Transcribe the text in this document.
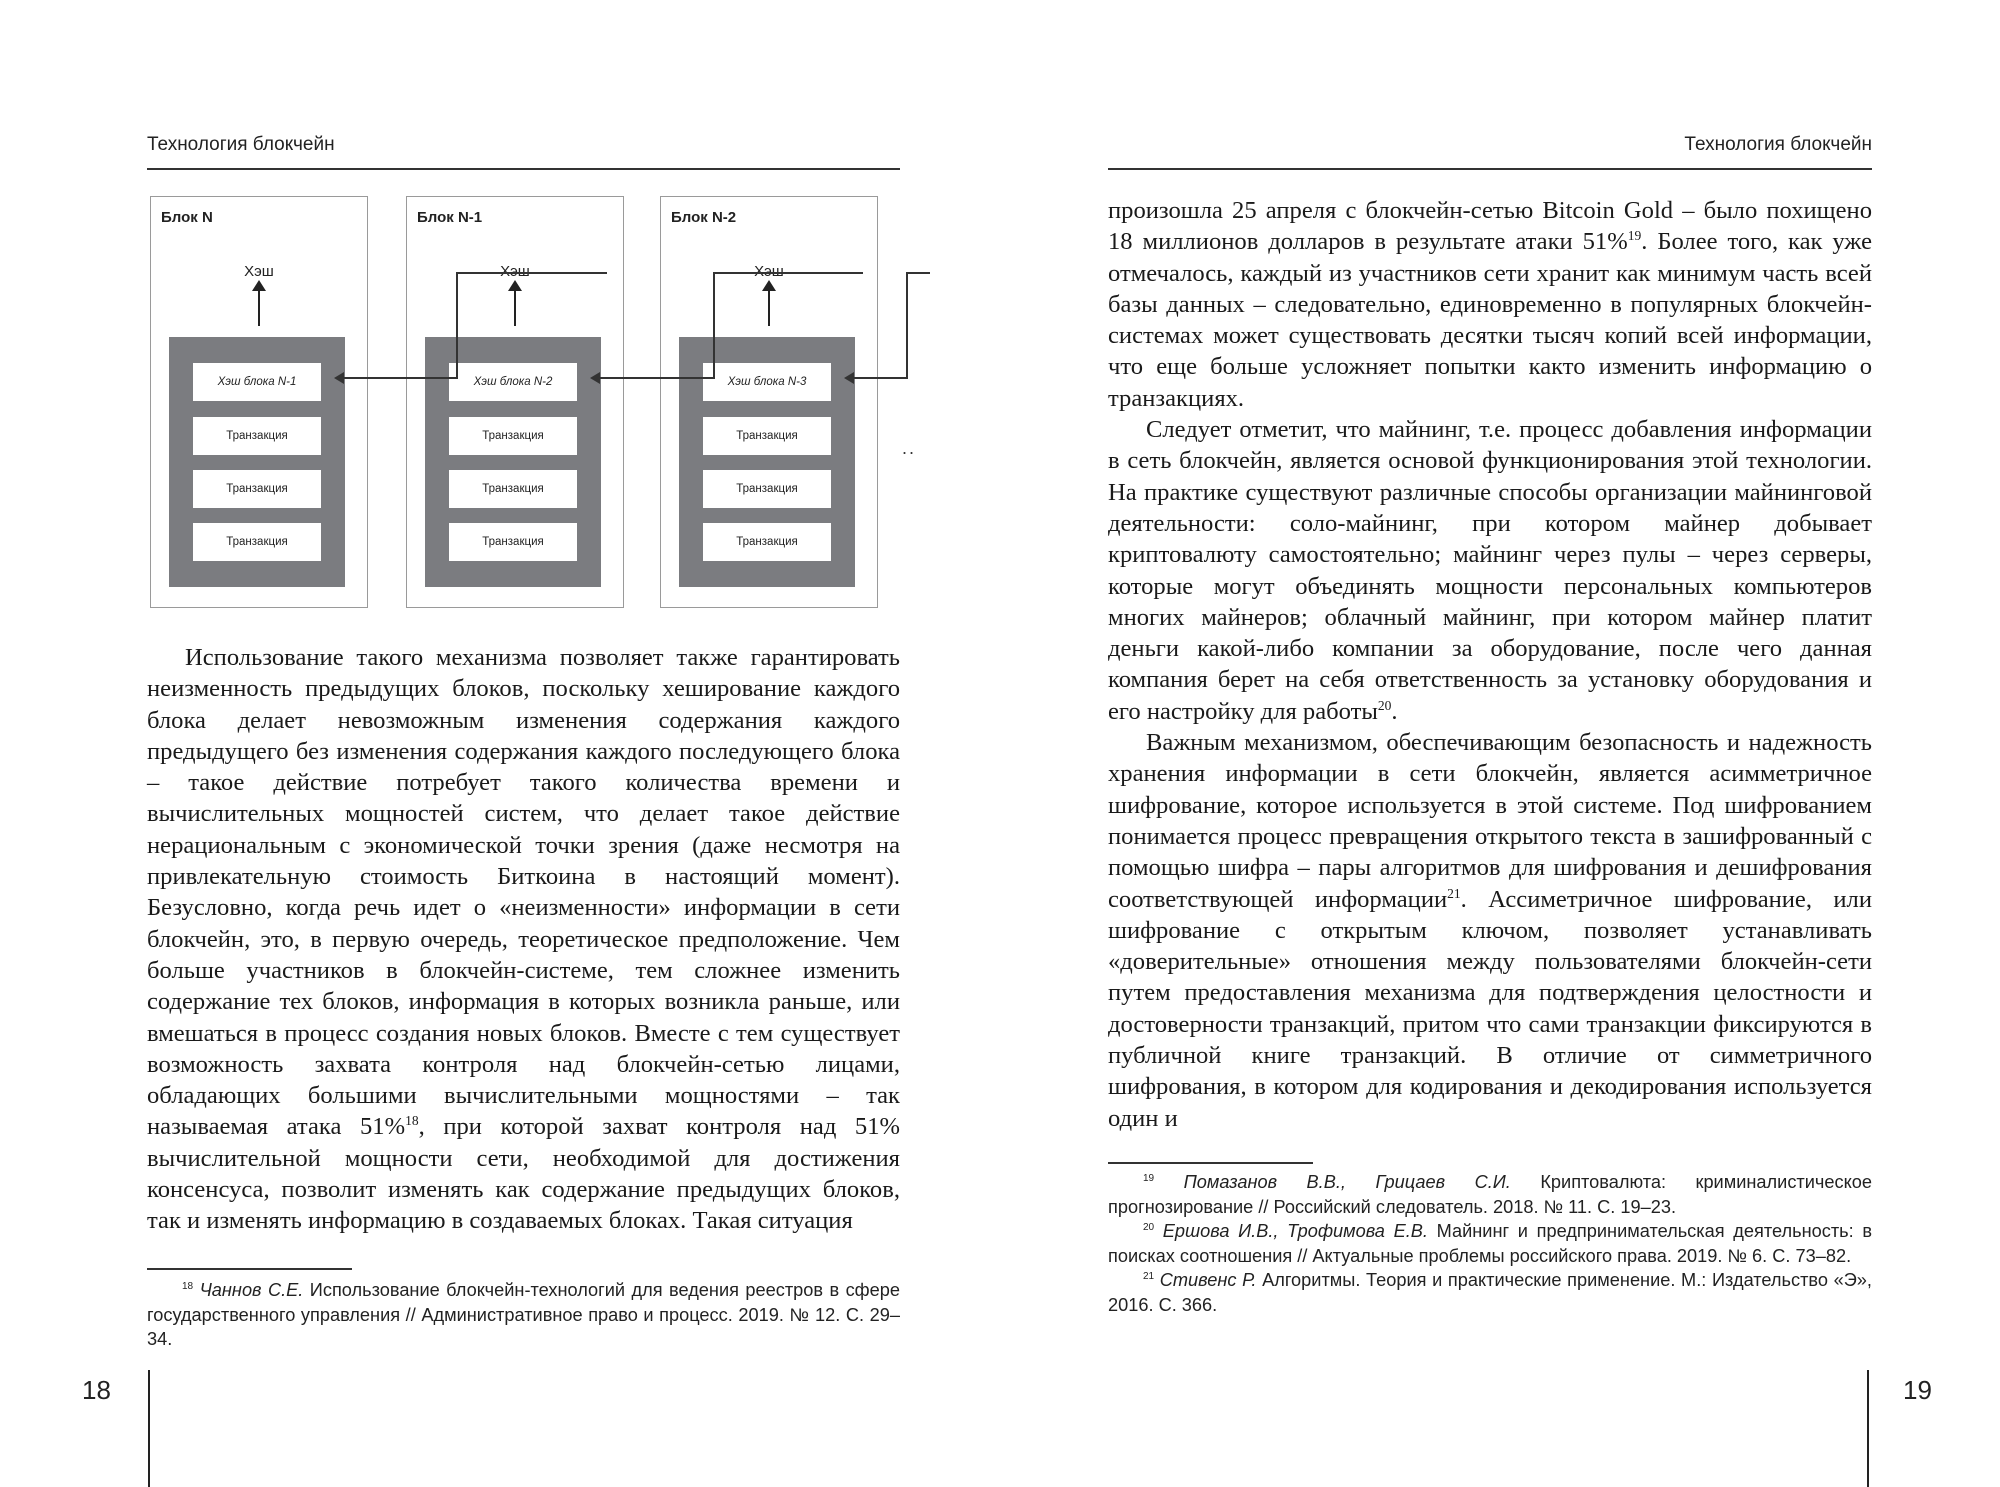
Технология блокчейн
Блок N
Хэш
Хэш блока N-1
Транзакция
Транзакция
Транзакция
Блок N-1
Хэш блока N-2
Транзакция
Транзакция
Транзакция
Блок N-2
Хэш блока N-3
Транзакция
Транзакция
Транзакция
..

Использование такого механизма позволяет также гарантировать неизменность предыдущих блоков, поскольку хеширование каждого блока делает невозможным изменения содержания каждого предыдущего без изменения содержания каждого последующего блока – такое действие потребует такого количества времени и вычислительных мощностей систем, что делает такое действие нерациональным с экономической точки зрения (даже несмотря на привлекательную стоимость Биткоина в настоящий момент). Безусловно, когда речь идет о «неизменности» информации в сети блокчейн, это, в первую очередь, теоретическое предположение. Чем больше участников в блокчейн-системе, тем сложнее изменить содержание тех блоков, информация в которых возникла раньше, или вмешаться в процесс создания новых блоков. Вместе с тем существует возможность захвата контроля над блокчейн-сетью лицами, обладающих большими вычислительными мощностями – так называемая атака 51%$^{18}$, при которой захват контроля над 51% вычислительной мощности сети, необходимой для достижения консенсуса, позволит изменять как содержание предыдущих блоков, так и изменять информацию в создаваемых блоках. Такая ситуация

$^{18}$ Чаннов С.Е. Использование блокчейн-технологий для ведения реестров в сфере государственного управления // Административное право и процесс. 2019. № 12. С. 29–34.

18
Технология блокчейн

произошла 25 апреля с блокчейн-сетью Bitcoin Gold – было похищено 18 миллионов долларов в результате атаки 51%$^{19}$. Более того, как уже отмечалось, каждый из участников сети хранит как минимум часть всей базы данных – следовательно, единовременно в популярных блокчейн-системах может существовать десятки тысяч копий всей информации, что еще больше усложняет попытки както изменить информацию о транзакциях.

Следует отметит, что майнинг, т.е. процесс добавления информации в сеть блокчейн, является основой функционирования этой технологии. На практике существуют различные способы организации майнинговой деятельности: соло-майнинг, при котором майнер добывает криптовалюту самостоятельно; майнинг через пулы – через серверы, которые могут объединять мощности персональных компьютеров многих майнеров; облачный майнинг, при котором майнер платит деньги какой-либо компании за оборудование, после чего данная компания берет на себя ответственность за установку оборудования и его настройку для работы$^{20}$.

Важным механизмом, обеспечивающим безопасность и надежность хранения информации в сети блокчейн, является асимметричное шифрование, которое используется в этой системе. Под шифрованием понимается процесс превращения открытого текста в зашифрованный с помощью шифра – пары алгоритмов для шифрования и дешифрования соответствующей информации$^{21}$. Ассиметричное шифрование, или шифрование с открытым ключом, позволяет устанавливать «доверительные» отношения между пользователями блокчейн-сети путем предоставления механизма для подтверждения целостности и достоверности транзакций, притом что сами транзакции фиксируются в публичной книге транзакций. В отличие от симметричного шифрования, в котором для кодирования и декодирования используется один и

$^{19}$ Помазанов В.В., Грицаев С.И. Криптовалюта: криминалистическое прогнозирование // Российский следователь. 2018. № 11. С. 19–23.

$^{20}$ Ершова И.В., Трофимова Е.В. Майнинг и предпринимательская деятельность: в поисках соотношения // Актуальные проблемы российского права. 2019. № 6. С. 73–82.

$^{21}$ Стивенс Р. Алгоритмы. Теория и практические применение. М.: Издательство «Э», 2016. С. 366.

19
